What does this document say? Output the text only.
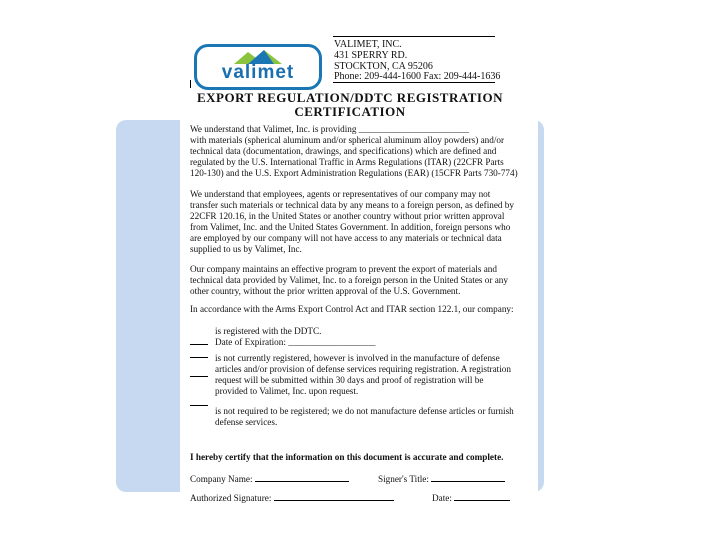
valimet
VALIMET, INC.
431 SPERRY RD.
STOCKTON, CA 95206
Phone: 209-444-1600 Fax: 209-444-1636
EXPORT REGULATION/DDTC REGISTRATION
CERTIFICATION
We understand that Valimet, Inc. is providing ________________________
with materials (spherical aluminum and/or spherical aluminum alloy powders) and/or
technical data (documentation, drawings, and specifications) which are defined and
regulated by the U.S. International Traffic in Arms Regulations (ITAR) (22CFR Parts
120-130) and the U.S. Export Administration Regulations (EAR) (15CFR Parts 730-774)
We understand that employees, agents or representatives of our company may not
transfer such materials or technical data by any means to a foreign person, as defined by
22CFR 120.16, in the United States or another country without prior written approval
from Valimet, Inc. and the United States Government. In addition, foreign persons who
are employed by our company will not have access to any materials or technical data
supplied to us by Valimet, Inc.
Our company maintains an effective program to prevent the export of materials and
technical data provided by Valimet, Inc. to a foreign person in the United States or any
other country, without the prior written approval of the U.S. Government.
In accordance with the Arms Export Control Act and ITAR section 122.1, our company:
is registered with the DDTC.
Date of Expiration: ___________________
is not currently registered, however is involved in the manufacture of defense
articles and/or provision of defense services requiring registration. A registration
request will be submitted within 30 days and proof of registration will be
provided to Valimet, Inc. upon request.
is not required to be registered; we do not manufacture defense articles or furnish
defense services.
I hereby certify that the information on this document is accurate and complete.
Company Name:	Signer's Title:
Authorized Signature:	Date:
